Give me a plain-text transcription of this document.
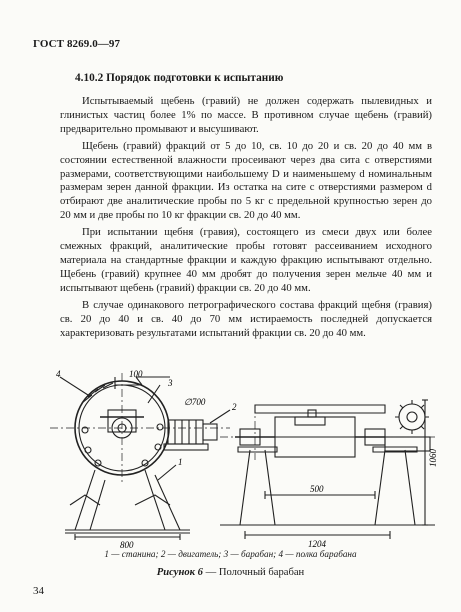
ГОСТ 8269.0—97
4.10.2 Порядок подготовки к испытанию

Испытываемый щебень (гравий) не должен содержать пылевидных и глинистых частиц более 1% по массе. В противном случае щебень (гравий) предварительно промывают и высушивают.

Щебень (гравий) фракций от 5 до 10, св. 10 до 20 и св. 20 до 40 мм в состоянии естественной влажности просеивают через два сита с отверстиями размерами, соответствующими наибольшему D и наименьшему d номинальным размерам зерен данной фракции. Из остатка на сите с отверстиями размером d отбирают две аналитические пробы по 5 кг с предельной крупностью зерен до 20 мм и две пробы по 10 кг фракции св. 20 до 40 мм.

При испытании щебня (гравия), состоящего из смеси двух или более смежных фракций, аналитические пробы готовят рассеиванием исходного материала на стандартные фракции и каждую фракцию испытывают отдельно. Щебень (гравий) крупнее 40 мм дробят до получения зерен мельче 40 мм и испытывают щебень (гравий) фракции св. 20 до 40 мм.

В случае одинакового петрографического состава фракций щебня (гравия) св. 20 до 40 и св. 40 до 70 мм истираемость последней допускается характеризовать результатами испытаний фракции св. 20 до 40 мм.

4	100
3
∅700	2
1
800
500
1204
1060
1 — станина; 2 — двигатель; 3 — барабан; 4 — полка барабана
Рисунок 6 — Полочный барабан
34
